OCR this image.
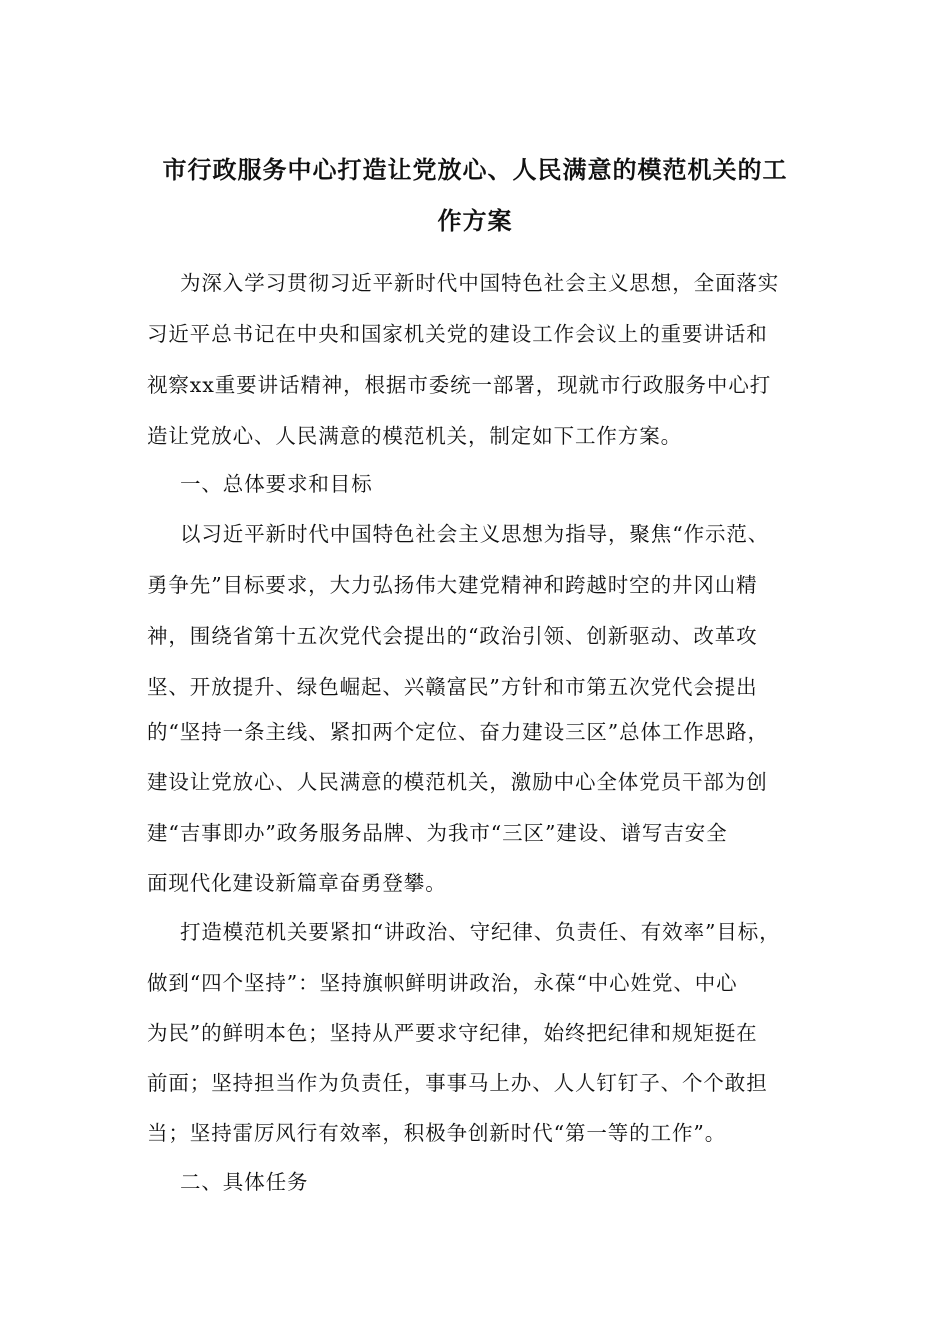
市行政服务中心打造让党放心、人民满意的模范机关的工
作方案
为深入学习贯彻习近平新时代中国特色社会主义思想，全面落实
习近平总书记在中央和国家机关党的建设工作会议上的重要讲话和
视察xx重要讲话精神，根据市委统一部署，现就市行政服务中心打
造让党放心、人民满意的模范机关，制定如下工作方案。
一、总体要求和目标
以习近平新时代中国特色社会主义思想为指导，聚焦“作示范、
勇争先”目标要求，大力弘扬伟大建党精神和跨越时空的井冈山精
神，围绕省第十五次党代会提出的“政治引领、创新驱动、改革攻
坚、开放提升、绿色崛起、兴赣富民”方针和市第五次党代会提出
的“坚持一条主线、紧扣两个定位、奋力建设三区”总体工作思路，
建设让党放心、人民满意的模范机关，激励中心全体党员干部为创
建“吉事即办”政务服务品牌、为我市“三区”建设、谱写吉安全
面现代化建设新篇章奋勇登攀。
打造模范机关要紧扣“讲政治、守纪律、负责任、有效率”目标，
做到“四个坚持”：坚持旗帜鲜明讲政治，永葆“中心姓党、中心
为民”的鲜明本色；坚持从严要求守纪律，始终把纪律和规矩挺在
前面；坚持担当作为负责任，事事马上办、人人钉钉子、个个敢担
当；坚持雷厉风行有效率，积极争创新时代“第一等的工作”。
二、具体任务
